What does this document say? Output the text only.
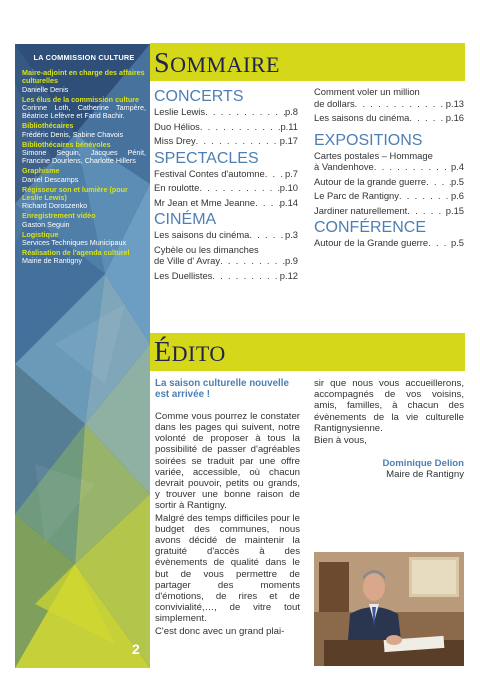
LA COMMISSION CULTURE
Maire-adjoint en charge des affaires culturelles
Danielle Denis
Les élus de la commission culture
Corinne Loth, Catherine Tampère, Béatrice Lefèvre et Farid Bachir.
Bibliothécaires
Frédéric Denis, Sabine Chavois
Bibliothécaires bénévoles
Simone Seguin, Jacques Pénit, Francine Dourlens, Charlotte Hillers
Graphisme
Daniel Descamps
Régisseur son et lumière (pour Leslie Lewis)
Richard Doroszenko
Enregistrement vidéo
Gaston Seguin
Logistique
Services Techniques Municipaux
Réalisation de l'agenda culturel
Mairie de Rantigny
2
SOMMAIRE
CONCERTS
Leslie Lewis . . .	p.8
Duo Hélios . . .	p.11
Miss Drey . . .	p.17
SPECTACLES
Festival Contes d'automne . . . p.7
En roulotte . . .	p.10
Mr Jean et Mme Jeanne . . .	p.14
CINÉMA
Les saisons du cinéma . . .	p.3
Cybèle ou les dimanches
de Ville d' Avray . . .	p.9
Les Duellistes . . .	p.12
Comment voler un million
de dollars . . .	p.13
Les saisons du cinéma . . .	p.16
EXPOSITIONS
Cartes postales – Hommage
à Vandenhove . . .	p.4
Autour de la grande guerre . . .	p.5
Le Parc de Rantigny . . .	p.6
Jardiner naturellement . . .	p.15
CONFÉRENCE
Autour de la Grande guerre . . . p.5
ÉDITO
La saison culturelle nouvelle est arrivée !

Comme vous pourrez le constater dans les pages qui suivent, notre volonté de proposer à tous la possibilité de passer d'agréables soirées se traduit par une offre variée, accessible, où chacun devrait pouvoir, petits ou grands, y trouver une bonne raison de sortir à Rantigny.

Malgré des temps difficiles pour le budget des communes, nous avons décidé de maintenir la gratuité d'accès à des évènements de qualité dans le but de vous permettre de partager des moments d'émotions, de rires et de convivialité,…, de vitre tout simplement.

C'est donc avec un grand plai-

sir que nous vous accueillerons, accompagnés de vos voisins, amis, familles, à chacun des évènements de la vie culturelle Rantignysienne.

Bien à vous,

Dominique Delion
Maire de Rantigny
